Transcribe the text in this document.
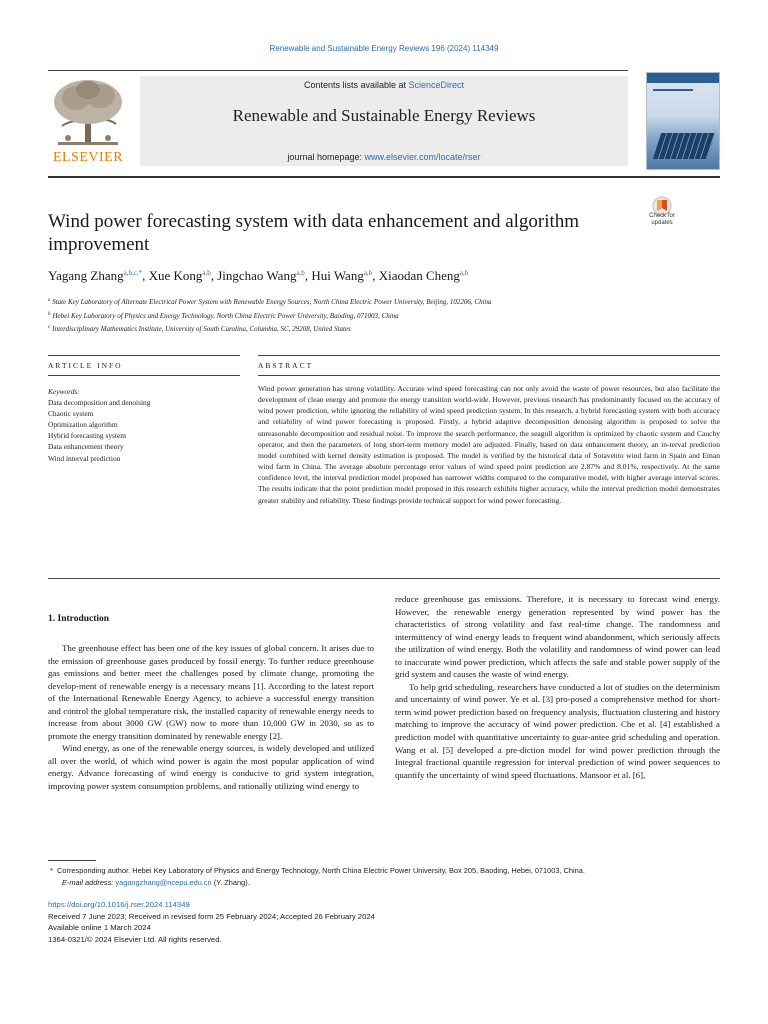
Renewable and Sustainable Energy Reviews 196 (2024) 114349
ELSEVIER
Contents lists available at ScienceDirect
Renewable and Sustainable Energy Reviews
journal homepage: www.elsevier.com/locate/rser
Wind power forecasting system with data enhancement and algorithm improvement
Check for updates
Yagang Zhang$^{a,b,c,*}$, Xue Kong$^{a,b}$, Jingchao Wang$^{a,b}$, Hui Wang$^{a,b}$, Xiaodan Cheng$^{a,b}$
$^a$ State Key Laboratory of Alternate Electrical Power System with Renewable Energy Sources, North China Electric Power University, Beijing, 102206, China
$^b$ Hebei Key Laboratory of Physics and Energy Technology, North China Electric Power University, Baoding, 071003, China
$^c$ Interdisciplinary Mathematics Institute, University of South Carolina, Columbia, SC, 29208, United States
ARTICLE INFO
Keywords:
Data decomposition and denoising
Chaotic system
Optimization algorithm
Hybrid forecasting system
Data enhancement theory
Wind interval prediction
ABSTRACT
Wind power generation has strong volatility. Accurate wind speed forecasting can not only avoid the waste of power resources, but also facilitate the development of clean energy and promote the energy transition world-wide. However, previous research has predominantly focused on the accuracy of wind power prediction, while ignoring the reliability of wind speed prediction system. In this research, a hybrid forecasting system with both accuracy and reliability of wind power forecasting is proposed. Firstly, a hybrid adaptive decomposition denoising algorithm is proposed to solve the unreasonable decomposition and residual noise. To improve the search performance, the seagull algorithm is optimized by chaotic system and Cauchy operator, and then the parameters of long short-term memory model are adjusted. Finally, based on data enhancement theory, an in-terval prediction model combined with kernel density estimation is proposed. The model is verified by the historical data of Sotavento wind farm in Spain and Eman wind farm in China. The average absolute percentage error values of wind speed point prediction are 2.87% and 8.01%, respectively. At the same confidence level, the interval prediction model proposed has narrower widths compared to the comparative model, with higher average interval scores. The results indicate that the point prediction model proposed in this research exhibits higher accuracy, while the interval prediction model demonstrates greater stability and reliability. These findings provide technical support for wind power forecasting.
1. Introduction

The greenhouse effect has been one of the key issues of global concern. It arises due to the emission of greenhouse gases produced by fossil energy. To further reduce greenhouse gas emissions and better meet the challenges posed by climate change, promoting the develop-ment of renewable energy is a necessary means [1]. According to the latest report of the International Renewable Energy Agency, to achieve a successful energy transition and control the global temperature risk, the installed capacity of renewable energy needs to increase from about 3000 GW (GW) now to more than 10,000 GW in 2030, so as to promote the energy transition dominated by renewable energy [2].

Wind energy, as one of the renewable energy sources, is widely developed and utilized all over the world, of which wind power is again the most popular application of wind energy. Advance forecasting of wind energy is conducive to grid system integration, improving power system consumption problems, and rationally utilizing wind energy to

reduce greenhouse gas emissions. Therefore, it is necessary to forecast wind energy. However, the renewable energy generation represented by wind power has the characteristics of strong volatility and fast real-time change. The randomness and intermittency of wind energy leads to frequent wind abandonment, which seriously affects the utilization of wind energy. Both the volatility and randomness of wind power can lead to inaccurate wind power prediction, which affects the safe and stable power supply of the grid system and causes the waste of wind energy.

To help grid scheduling, researchers have conducted a lot of studies on the determinism and uncertainty of wind power. Ye et al. [3] pro-posed a comprehensive method for short-term wind power prediction based on frequency analysis, fluctuation clustering and history matching to improve the accuracy of wind power prediction. Che et al. [4] established a prediction model with quantitative uncertainty to guar-antee grid scheduling and operation. Wang et al. [5] developed a pre-diction model for wind power prediction through the Integral fractional quantile regression for interval prediction of wind power sequences to quantify the uncertainty of wind speed fluctuations. Mansoor et al. [6],

*  Corresponding author. Hebei Key Laboratory of Physics and Energy Technology, North China Electric Power University, Box 205, Baoding, Hebei, 071003, China.
E-mail address: yagangzhang@ncepu.edu.cn (Y. Zhang).
https://doi.org/10.1016/j.rser.2024.114349
Received 7 June 2023; Received in revised form 25 February 2024; Accepted 26 February 2024
Available online 1 March 2024
1364-0321/© 2024 Elsevier Ltd. All rights reserved.
